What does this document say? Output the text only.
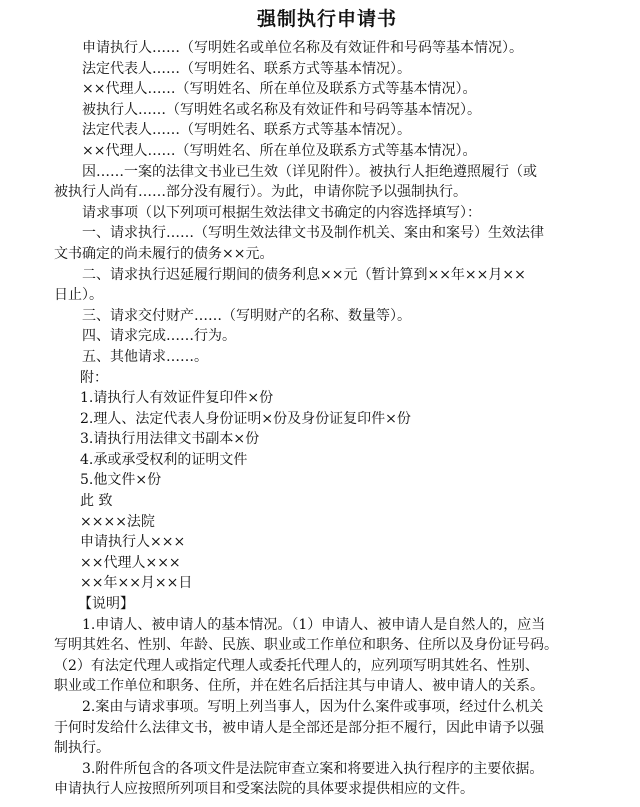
强制执行申请书

申请执行人……（写明姓名或单位名称及有效证件和号码等基本情况）。

法定代表人……（写明姓名、联系方式等基本情况）。

××代理人……（写明姓名、所在单位及联系方式等基本情况）。

被执行人……（写明姓名或名称及有效证件和号码等基本情况）。

法定代表人……（写明姓名、联系方式等基本情况）。

××代理人……（写明姓名、所在单位及联系方式等基本情况）。

因……一案的法律文书业已生效（详见附件）。被执行人拒绝遵照履行（或

被执行人尚有……部分没有履行）。为此，申请你院予以强制执行。

请求事项（以下列项可根据生效法律文书确定的内容选择填写）：

一、请求执行……（写明生效法律文书及制作机关、案由和案号）生效法律

文书确定的尚未履行的债务××元。

二、请求执行迟延履行期间的债务利息××元（暂计算到××年××月××

日止）。

三、请求交付财产……（写明财产的名称、数量等）。

四、请求完成……行为。

五、其他请求……。

附：

1.请执行人有效证件复印件×份

2.理人、法定代表人身份证明×份及身份证复印件×份

3.请执行用法律文书副本×份

4.承或承受权利的证明文件

5.他文件×份

此 致

××××法院

申请执行人×××

××代理人×××

××年××月××日

【说明】

1.申请人、被申请人的基本情况。（1）申请人、被申请人是自然人的，应当

写明其姓名、性别、年龄、民族、职业或工作单位和职务、住所以及身份证号码。

（2）有法定代理人或指定代理人或委托代理人的，应列项写明其姓名、性别、

职业或工作单位和职务、住所，并在姓名后括注其与申请人、被申请人的关系。

2.案由与请求事项。写明上列当事人，因为什么案件或事项，经过什么机关

于何时发给什么法律文书，被申请人是全部还是部分拒不履行，因此申请予以强

制执行。

3.附件所包含的各项文件是法院审查立案和将要进入执行程序的主要依据。

申请执行人应按照所列项目和受案法院的具体要求提供相应的文件。
